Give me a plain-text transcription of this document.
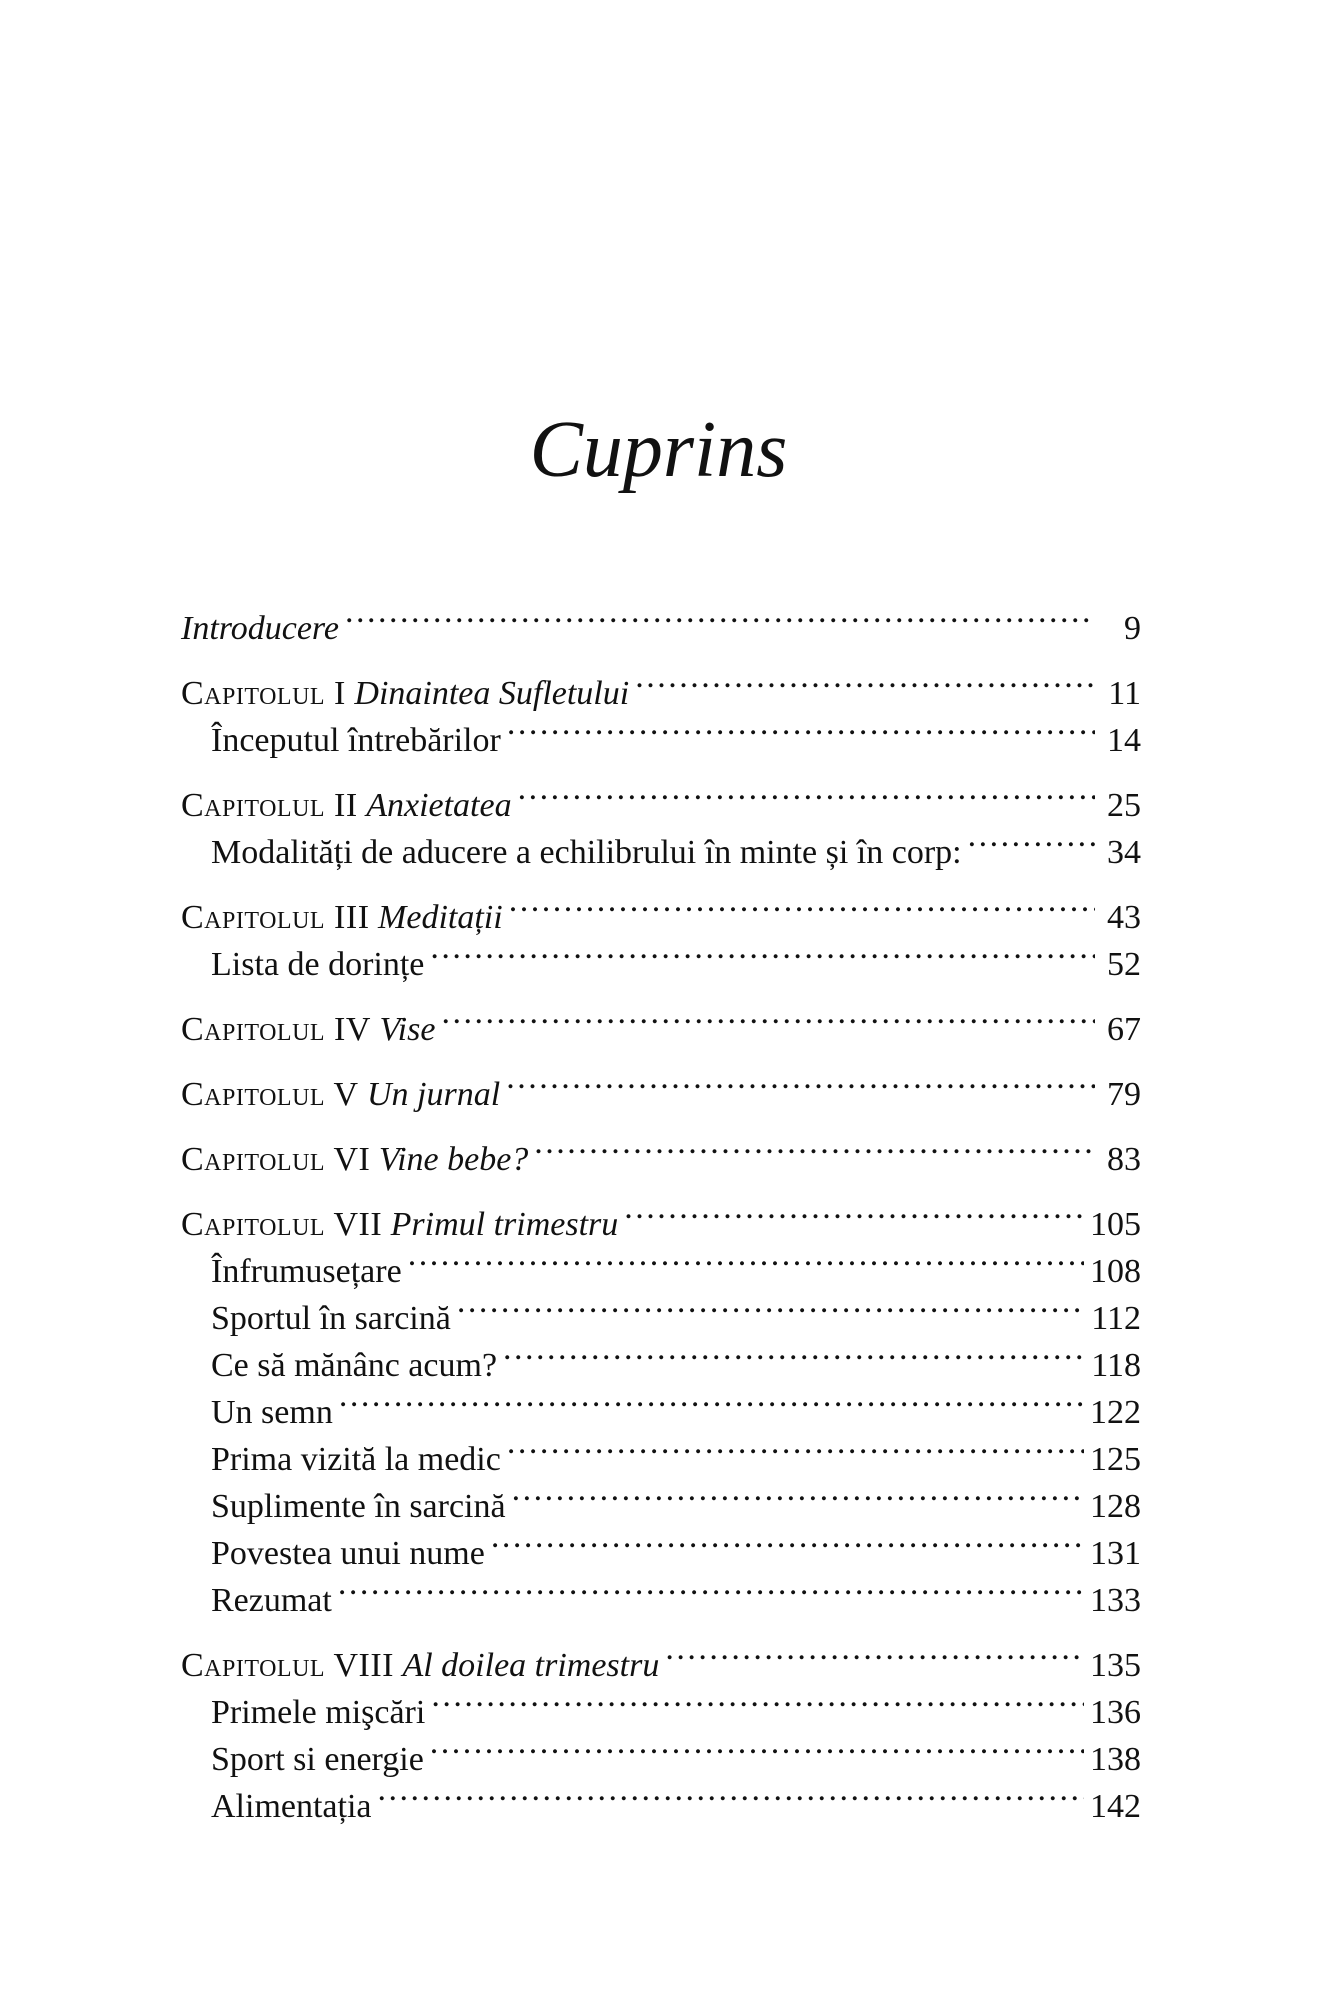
Cuprins
Introducere . . .	9
Capitolul I Dinaintea Sufletului . . .	11
Începutul întrebărilor . . .	14
Capitolul II Anxietatea . . .	25
Modalități de aducere a echilibrului în minte și în corp: . . .	34
Capitolul III Meditații . . .	43
Lista de dorințe . . .	52
Capitolul IV Vise . . .	67
Capitolul V Un jurnal . . .	79
Capitolul VI Vine bebe? . . .	83
Capitolul VII Primul trimestru . . .	105
Înfrumusețare . . .	108
Sportul în sarcină . . .	112
Ce să mănânc acum? . . .	118
Un semn . . .	122
Prima vizită la medic . . .	125
Suplimente în sarcină . . .	128
Povestea unui nume . . .	131
Rezumat . . .	133
Capitolul VIII Al doilea trimestru . . .	135
Primele mişcări . . .	136
Sport si energie . . .	138
Alimentația . . .	142
